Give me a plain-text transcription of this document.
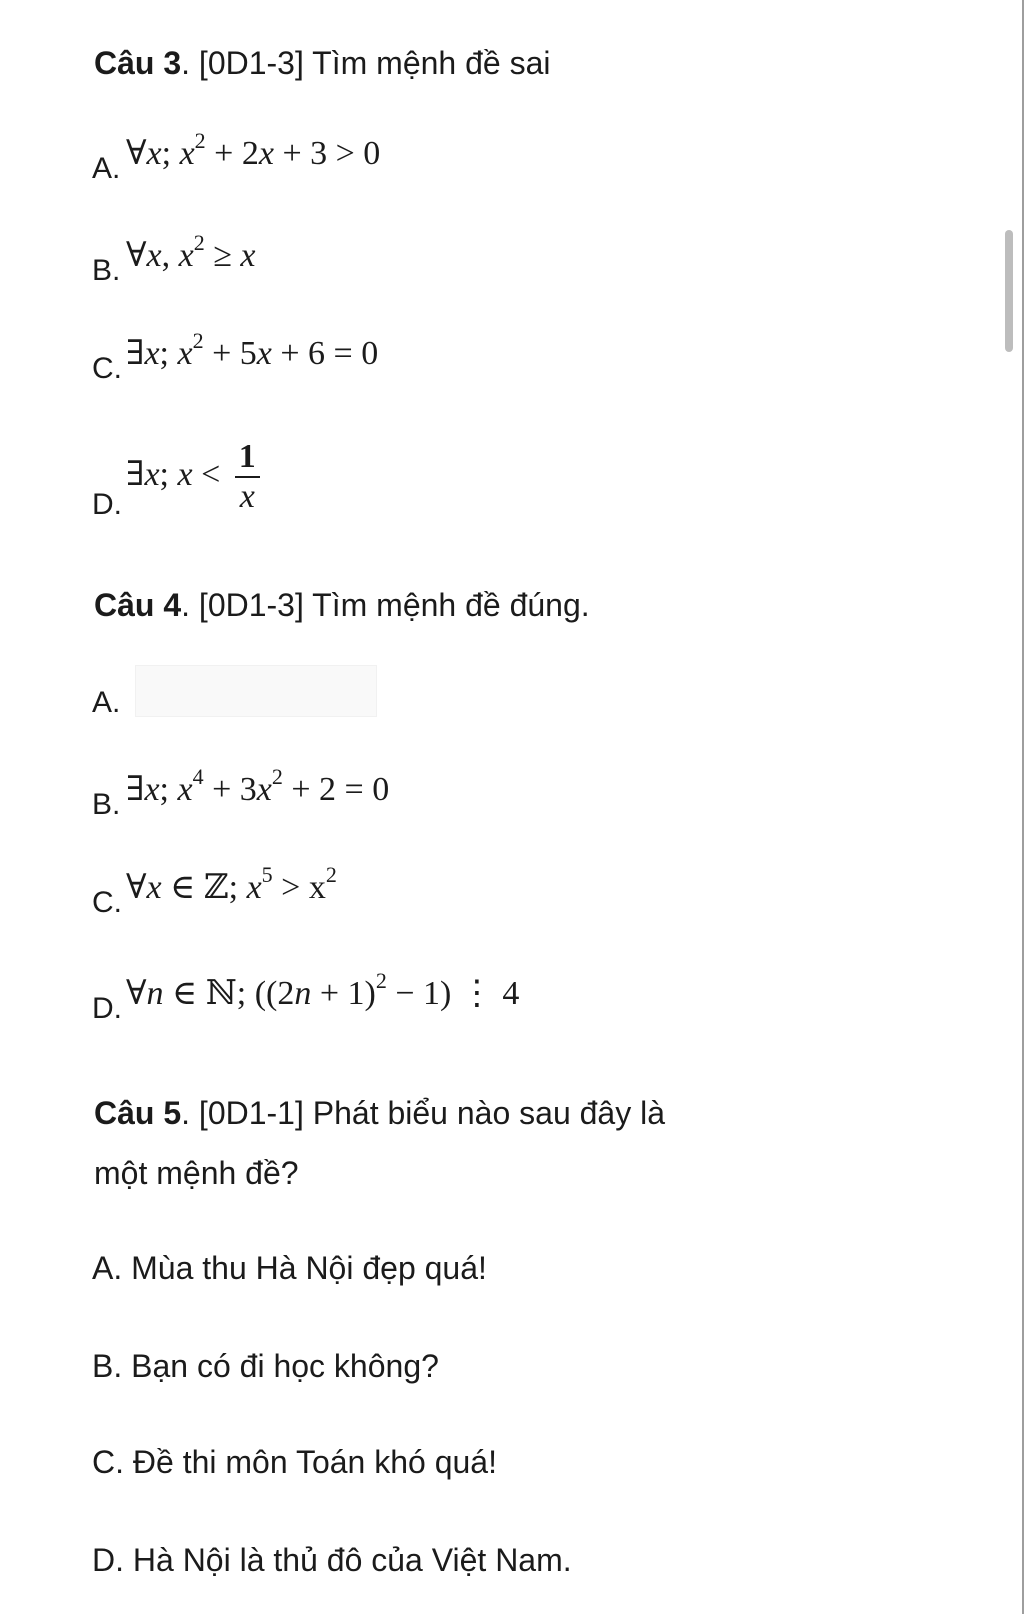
Câu 3. [0D1-3] Tìm mệnh đề sai
A. ∀x; $x^2 + 2x + 3 > 0$
B. ∀x, $x^2 \ge x$
C. ∃x; $x^2 + 5x + 6 = 0$
D.
∃x; $x < \frac{1}{x}$
Câu 4. [0D1-3] Tìm mệnh đề đúng.
A.
B. ∃x; $x^4 + 3x^2 + 2 = 0$
C. ∀x ∈ ℤ; $x^5 > x^2$
D. ∀n ∈ ℕ; $((2n + 1)^2 - 1)$ ⋮ 4
Câu 5. [0D1-1] Phát biểu nào sau đây là
một mệnh đề?
A. Mùa thu Hà Nội đẹp quá!
B. Bạn có đi học không?
C. Đề thi môn Toán khó quá!
D. Hà Nội là thủ đô của Việt Nam.
